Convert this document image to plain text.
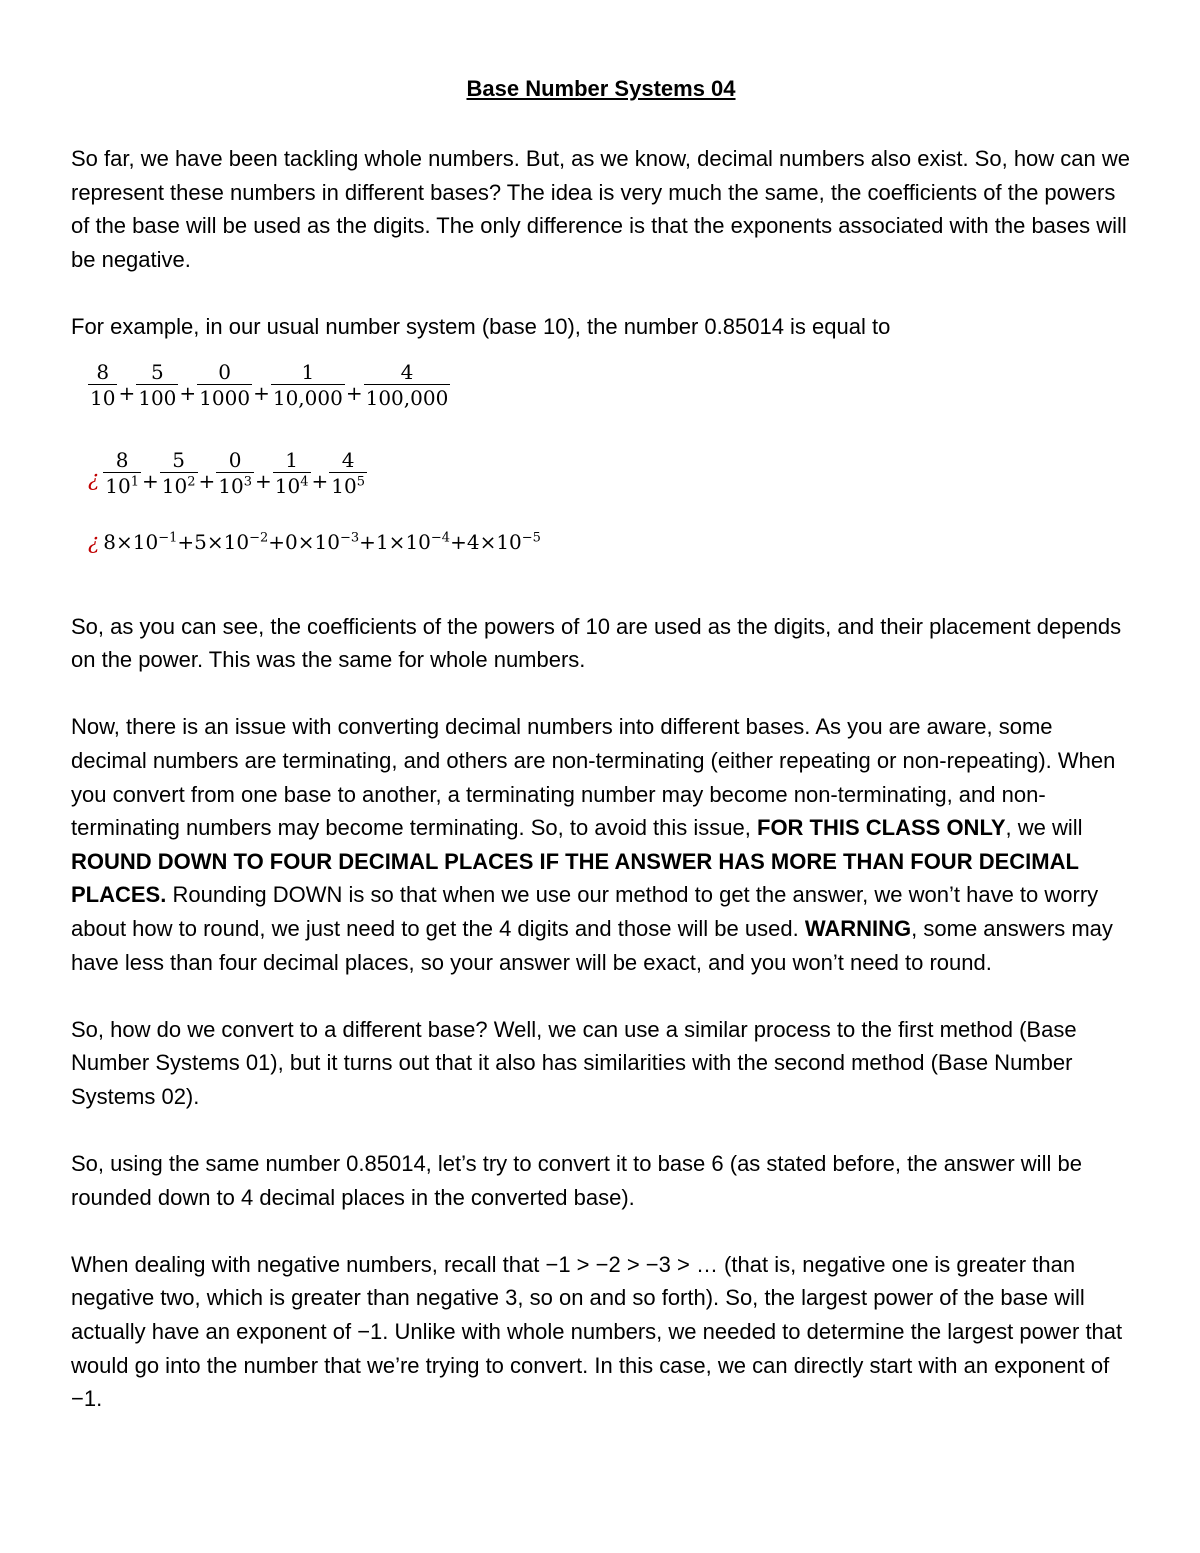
Base Number Systems 04

So far, we have been tackling whole numbers. But, as we know, decimal numbers also exist. So, how can we represent these numbers in different bases? The idea is very much the same, the coefficients of the powers of the base will be used as the digits. The only difference is that the exponents associated with the bases will be negative.

For example, in our usual number system (base 10), the number 0.85014 is equal to

$\frac{8}{10} + \frac{5}{100} + \frac{0}{1000} + \frac{1}{10,000} + \frac{4}{100,000}$
¿ $\frac{8}{10^1} + \frac{5}{10^2} + \frac{0}{10^3} + \frac{1}{10^4} + \frac{4}{10^5}$
¿ $8\times 10^{-1} +5\times 10^{-2} +0\times 10^{-3} +1\times 10^{-4} +4\times 10^{-5}$

So, as you can see, the coefficients of the powers of 10 are used as the digits, and their placement depends on the power. This was the same for whole numbers.

Now, there is an issue with converting decimal numbers into different bases. As you are aware, some decimal numbers are terminating, and others are non-terminating (either repeating or non-repeating). When you convert from one base to another, a terminating number may become non-terminating, and non-terminating numbers may become terminating. So, to avoid this issue, FOR THIS CLASS ONLY, we will ROUND DOWN TO FOUR DECIMAL PLACES IF THE ANSWER HAS MORE THAN FOUR DECIMAL PLACES. Rounding DOWN is so that when we use our method to get the answer, we won’t have to worry about how to round, we just need to get the 4 digits and those will be used. WARNING, some answers may have less than four decimal places, so your answer will be exact, and you won’t need to round.

So, how do we convert to a different base? Well, we can use a similar process to the first method (Base Number Systems 01), but it turns out that it also has similarities with the second method (Base Number Systems 02).

So, using the same number 0.85014, let’s try to convert it to base 6 (as stated before, the answer will be rounded down to 4 decimal places in the converted base).

When dealing with negative numbers, recall that −1 > −2 > −3 > … (that is, negative one is greater than negative two, which is greater than negative 3, so on and so forth). So, the largest power of the base will actually have an exponent of −1. Unlike with whole numbers, we needed to determine the largest power that would go into the number that we’re trying to convert. In this case, we can directly start with an exponent of −1.
